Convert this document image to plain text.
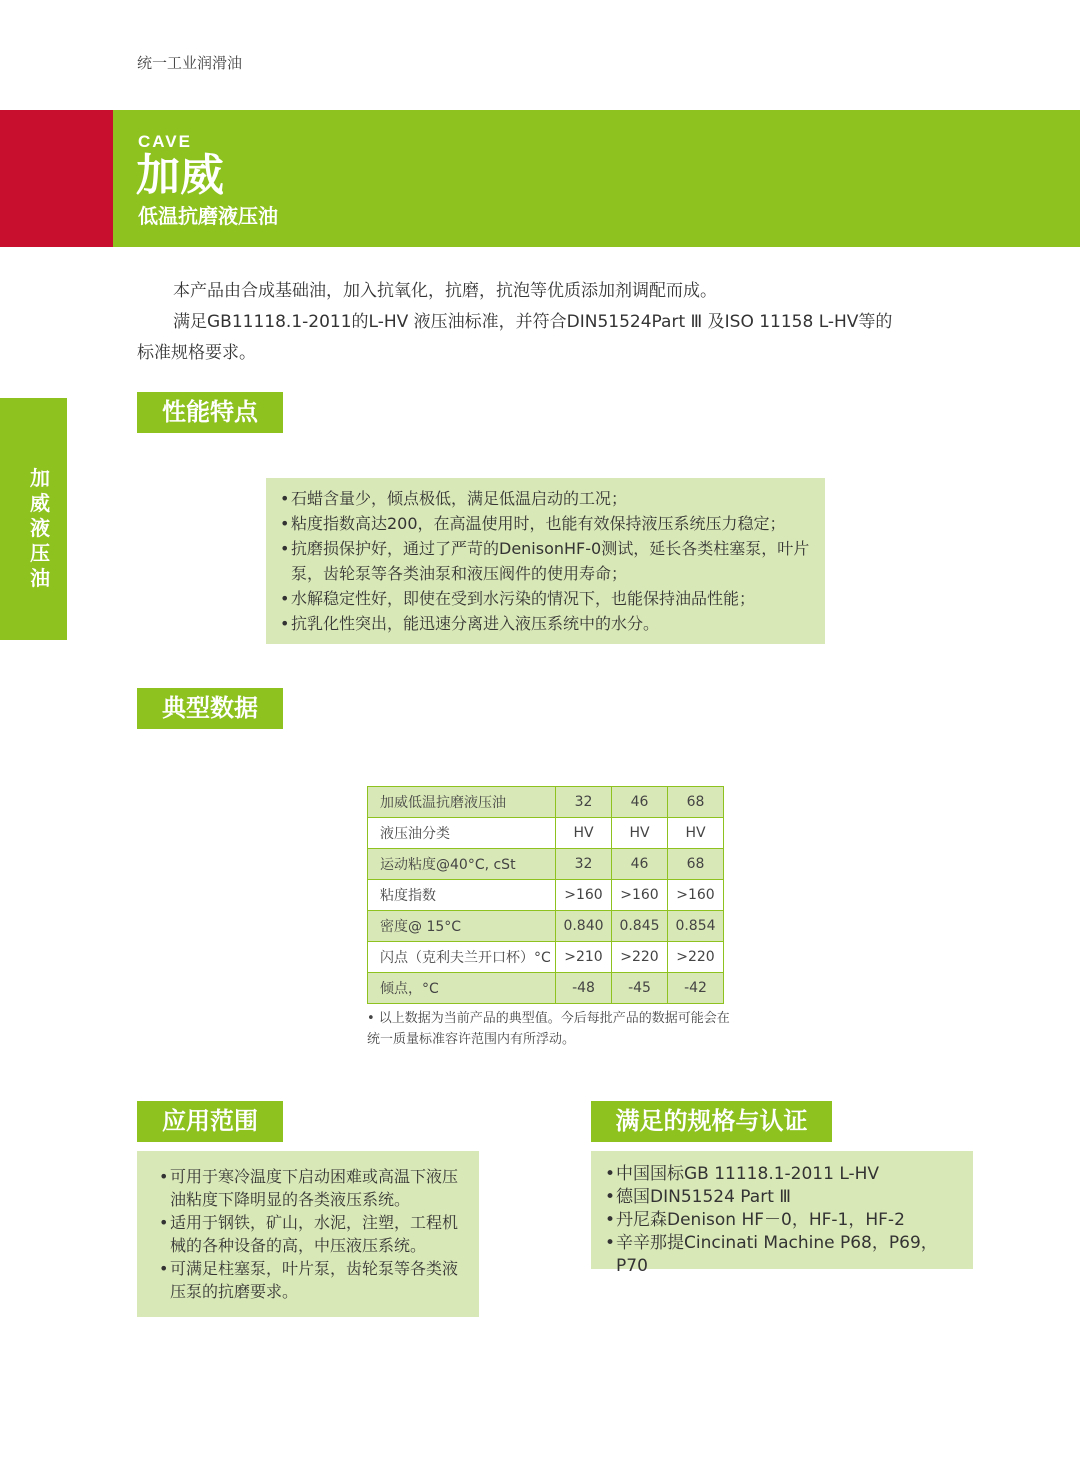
统一工业润滑油
CAVE
加威
低温抗磨液压油

本产品由合成基础油，加入抗氧化，抗磨，抗泡等优质添加剂调配而成。

满足GB11118.1-2011的L-HV 液压油标准，并符合DIN51524Part Ⅲ 及ISO 11158 L-HV等的

标准规格要求。

加威液压油
性能特点
• 石蜡含量少，倾点极低，满足低温启动的工况；
• 粘度指数高达200，在高温使用时，也能有效保持液压系统压力稳定；
• 抗磨损保护好，通过了严苛的DenisonHF-0测试，延长各类柱塞泵，叶片泵，齿轮泵等各类油泵和液压阀件的使用寿命；
• 水解稳定性好，即使在受到水污染的情况下，也能保持油品性能；
• 抗乳化性突出，能迅速分离进入液压系统中的水分。
典型数据
加威低温抗磨液压油	32	46	68
液压油分类	HV	HV	HV
运动粘度@40°C, cSt	32	46	68
粘度指数	>160	>160	>160
密度@ 15°C	0.840	0.845	0.854
闪点（克利夫兰开口杯）°C	>210	>220	>220
倾点，°C	-48	-45	-42
• 以上数据为当前产品的典型值。今后每批产品的数据可能会在统一质量标准容许范围内有所浮动。
应用范围
• 可用于寒冷温度下启动困难或高温下液压油粘度下降明显的各类液压系统。
• 适用于钢铁，矿山，水泥，注塑，工程机械的各种设备的高，中压液压系统。
• 可满足柱塞泵，叶片泵，齿轮泵等各类液压泵的抗磨要求。
满足的规格与认证
• 中国国标GB 11118.1-2011 L-HV
• 德国DIN51524 Part Ⅲ
• 丹尼森Denison HF－0，HF-1，HF-2
• 辛辛那提Cincinati Machine P68，P69，P70
